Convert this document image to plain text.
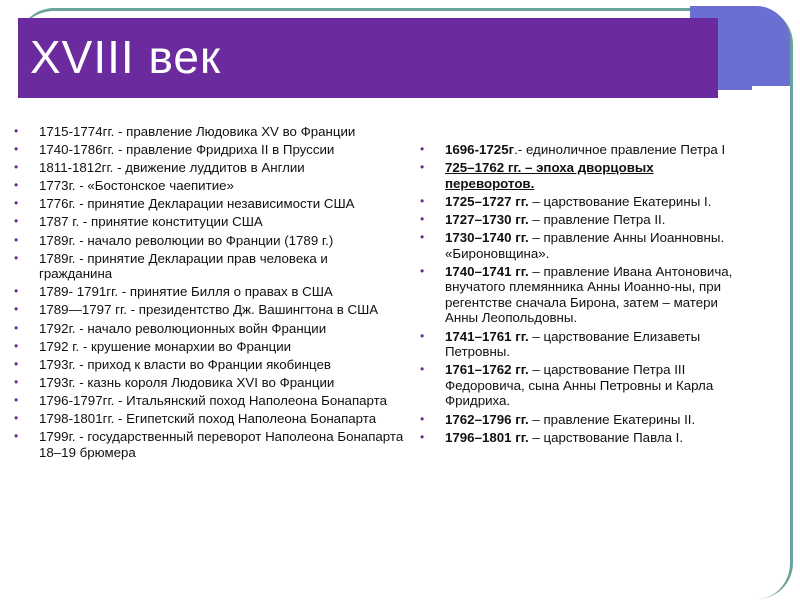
XVIII век
•	1715-1774гг. - правление Людовика XV во Франции
•	1740-1786гг. - правление Фридриха II в Пруссии
•	1811-1812гг. - движение луддитов в Англии
•	1773г. - «Бостонское чаепитие»
•	1776г. - принятие Декларации независимости США
•	1787 г. - принятие конституции США
•	1789г. - начало революции во Франции (1789 г.)
•	1789г. - принятие Декларации прав человека и гражданина
•	1789- 1791гг. - принятие Билля о правах в США
•	1789—1797 гг. - президентство Дж. Вашингтона в США
•	1792г. - начало революционных войн Франции
•	1792 г. - крушение монархии во Франции
•	1793г. - приход к власти во Франции якобинцев
•	1793г. - казнь короля Людовика XVI во Франции
•	1796-1797гг. - Итальянский поход Наполеона Бонапарта
•	1798-1801гг. - Египетский поход Наполеона Бонапарта
•	1799г. - государственный переворот Наполеона Бонапарта 18–19 брюмера
•	1696-1725г.- единоличное правление Петра I
•	725–1762 гг. – эпоха дворцовых переворотов.
•	1725–1727 гг. – царствование Екатерины I.
•	1727–1730 гг. – правление Петра II.
•	1730–1740 гг. – правление Анны Иоанновны. «Бироновщина».
•	1740–1741 гг. – правление Ивана Антоновича, внучатого племянника Анны Иоанно-ны, при регентстве сначала Бирона, затем – матери Анны Леопольдовны.
•	1741–1761 гг. – царствование Елизаветы Петровны.
•	1761–1762 гг. – царствование Петра III Федоровича, сына Анны Петровны и Карла Фридриха.
•	1762–1796 гг. – правление Екатерины II.
•	1796–1801 гг. – царствование Павла I.
